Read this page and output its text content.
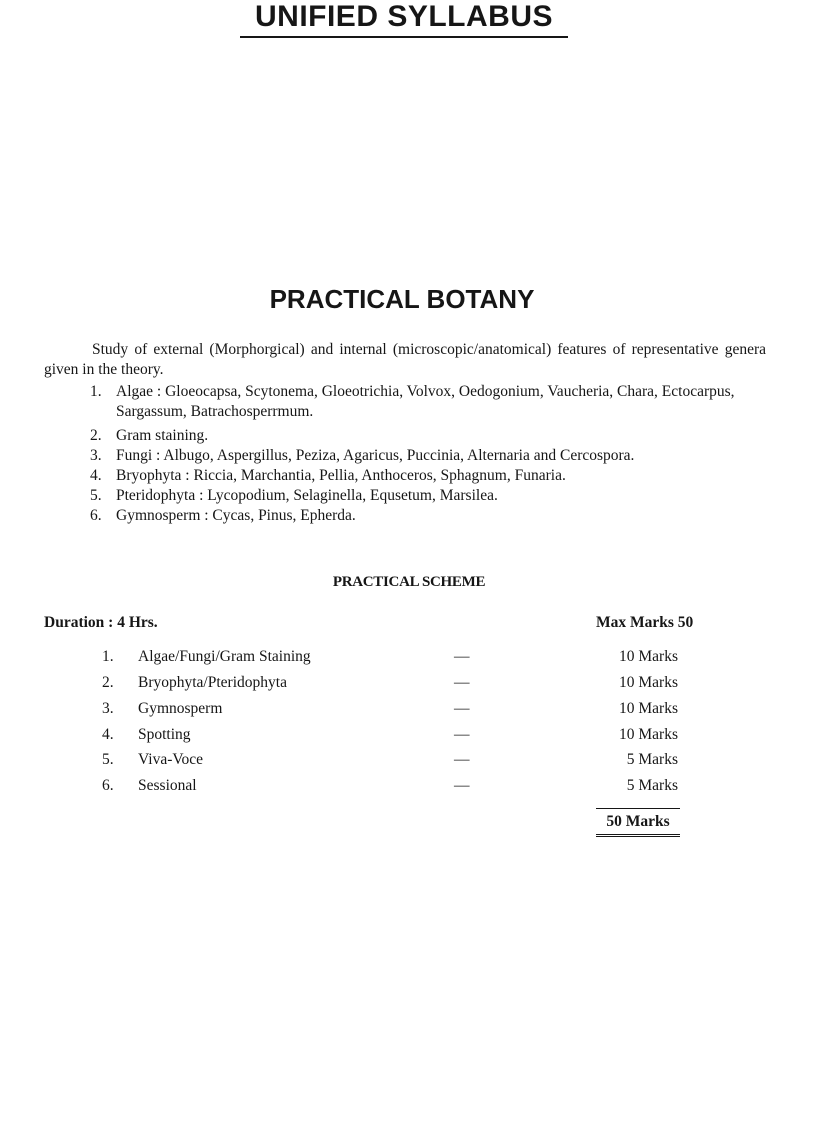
UNIFIED SYLLABUS
PRACTICAL BOTANY
Study of external (Morphorgical) and internal (microscopic/anatomical) features of representative genera given in the theory.
1. Algae : Gloeocapsa, Scytonema, Gloeotrichia, Volvox, Oedogonium, Vaucheria, Chara, Ectocarpus, Sargassum, Batrachosperrmum.
2. Gram staining.
3. Fungi : Albugo, Aspergillus, Peziza, Agaricus, Puccinia, Alternaria and Cercospora.
4. Bryophyta : Riccia, Marchantia, Pellia, Anthoceros, Sphagnum, Funaria.
5. Pteridophyta : Lycopodium, Selaginella, Equsetum, Marsilea.
6. Gymnosperm : Cycas, Pinus, Epherda.
PRACTICAL SCHEME
Duration : 4 Hrs.	Max Marks 50
1. Algae/Fungi/Gram Staining	—	10 Marks
2. Bryophyta/Pteridophyta	—	10 Marks
3. Gymnosperm	—	10 Marks
4. Spotting	—	10 Marks
5. Viva-Voce	—	5 Marks
6. Sessional	—	5 Marks
50 Marks
